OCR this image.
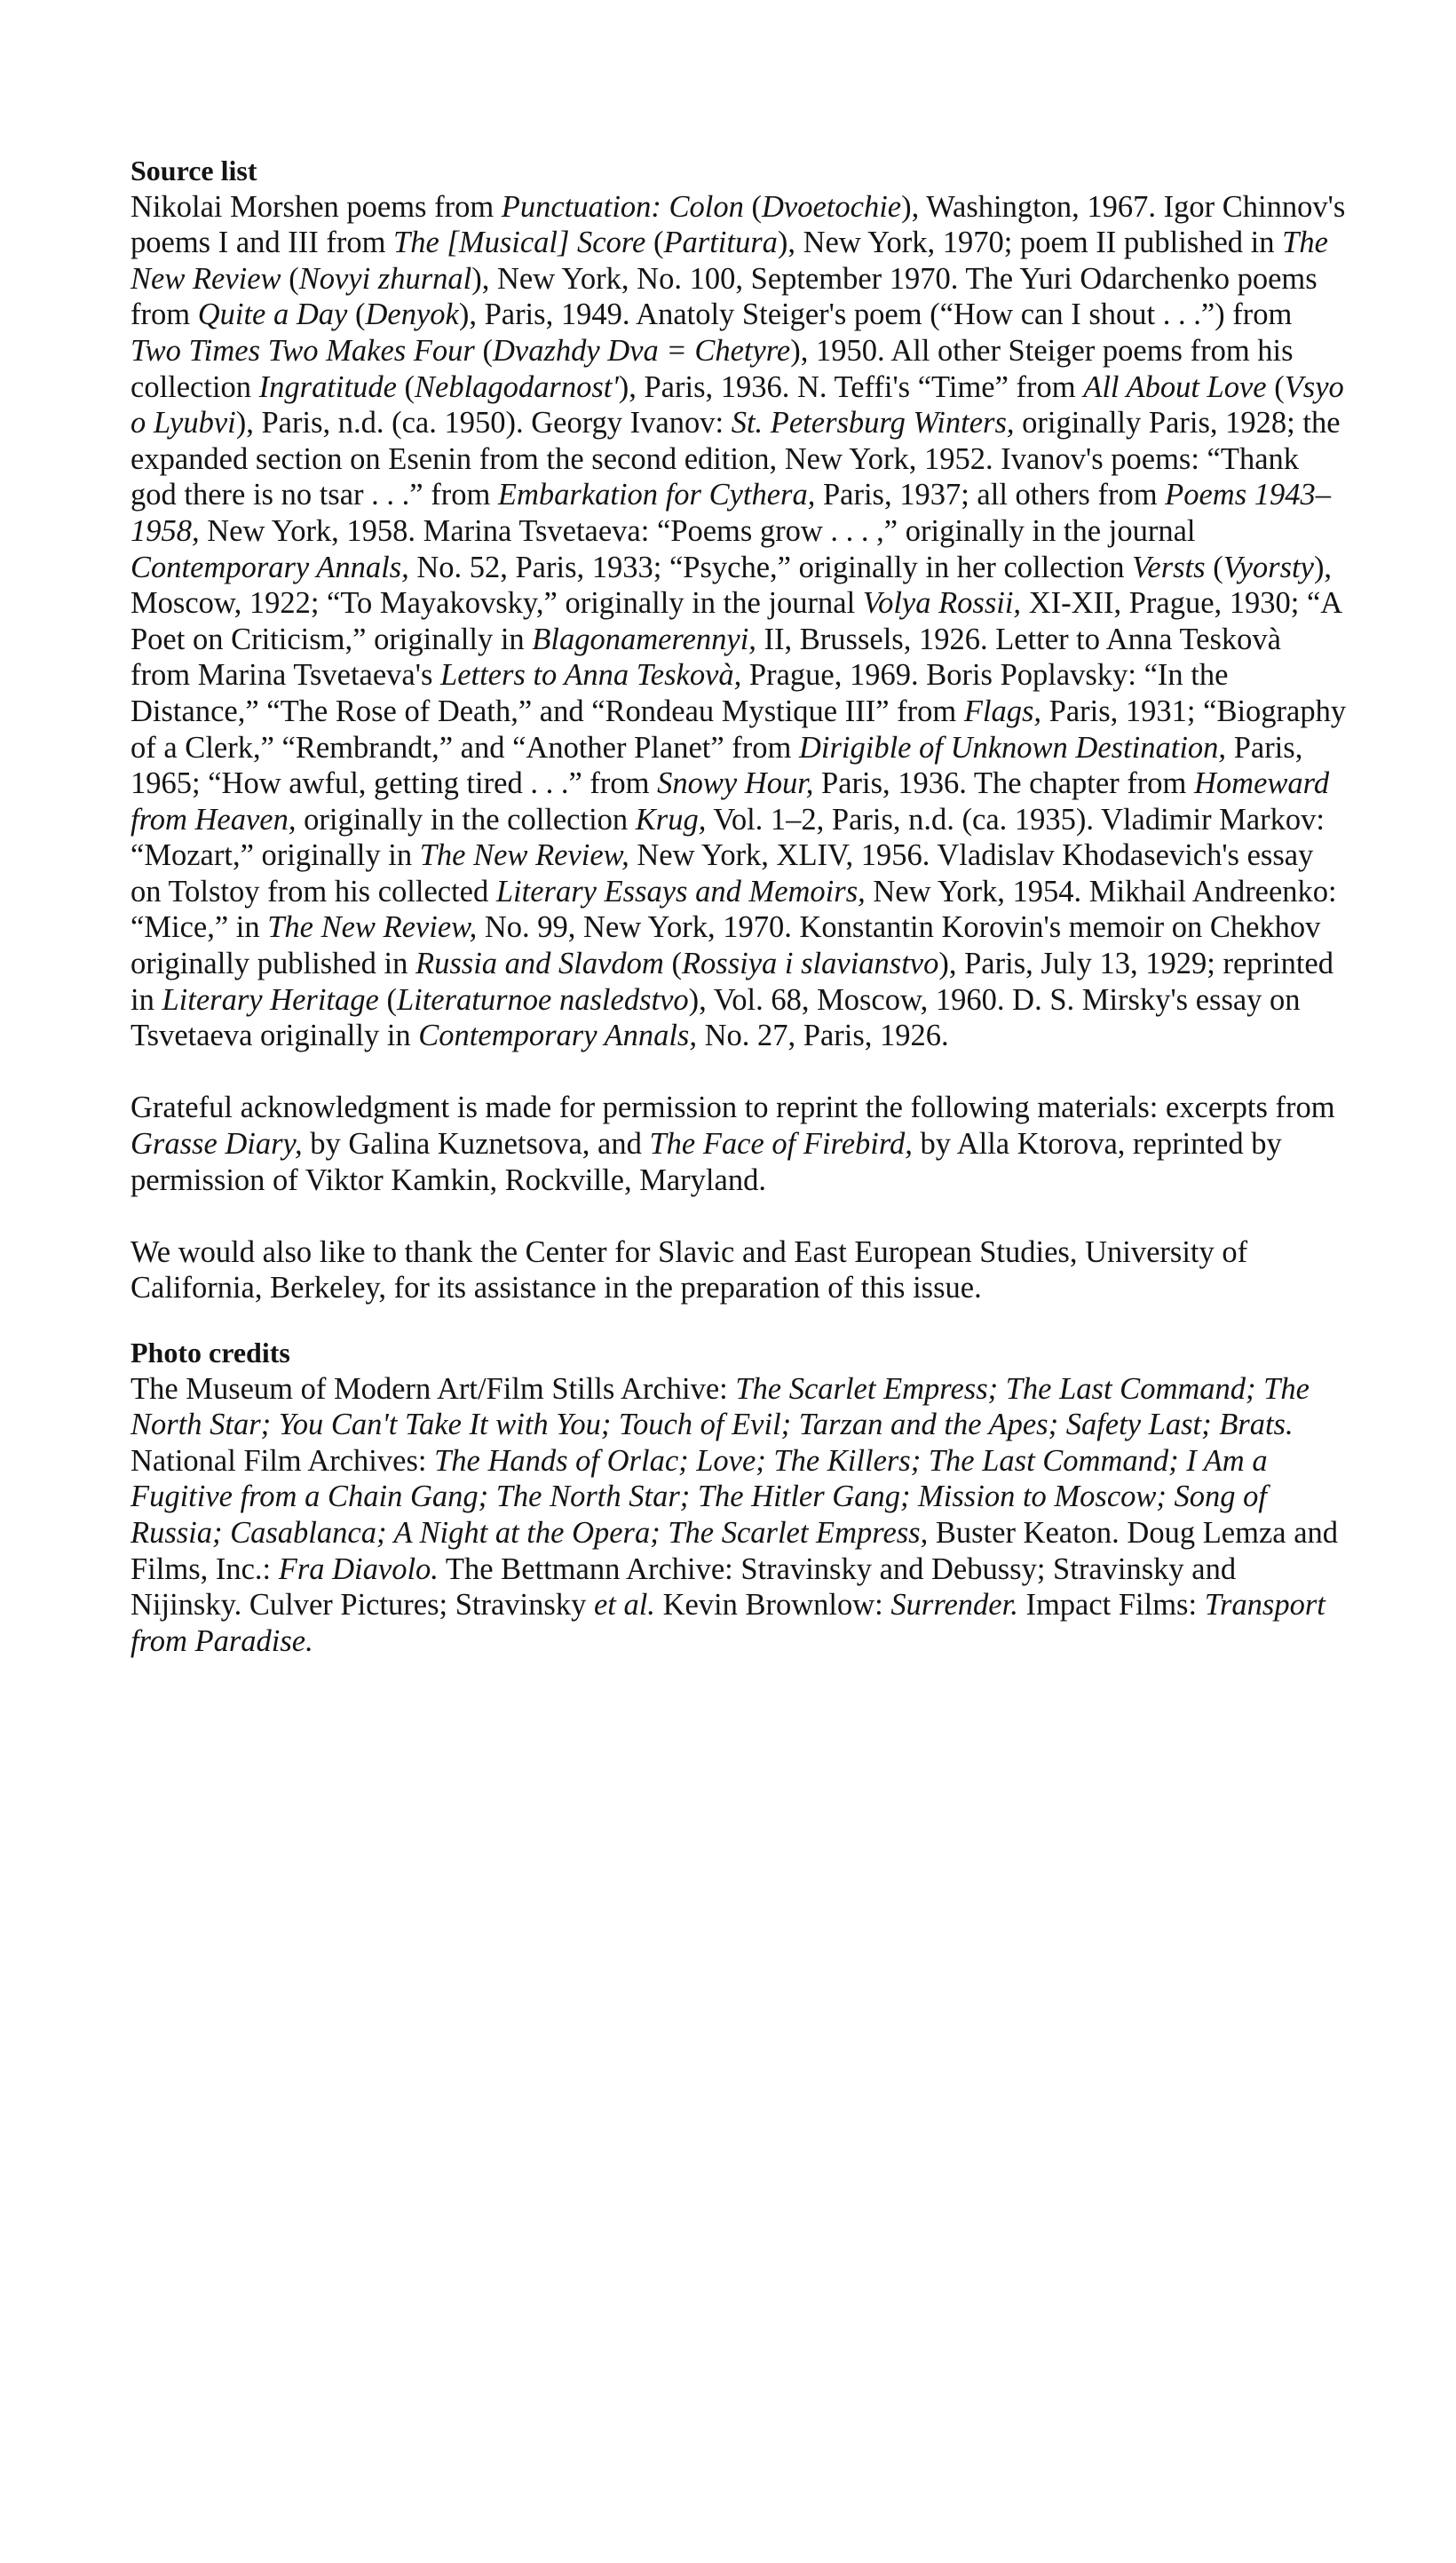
Source list

Nikolai Morshen poems from Punctuation: Colon (Dvoetochie), Washington, 1967. Igor Chinnov's poems I and III from The [Musical] Score (Partitura), New York, 1970; poem II published in The New Review (Novyi zhurnal), New York, No. 100, September 1970. The Yuri Odarchenko poems from Quite a Day (Denyok), Paris, 1949. Anatoly Steiger's poem (“How can I shout . . .”) from Two Times Two Makes Four (Dvazhdy Dva = Chetyre), 1950. All other Steiger poems from his collection Ingratitude (Neblagodarnost'), Paris, 1936. N. Teffi's “Time” from All About Love (Vsyo o Lyubvi), Paris, n.d. (ca. 1950). Georgy Ivanov: St. Petersburg Winters, originally Paris, 1928; the expanded section on Esenin from the second edition, New York, 1952. Ivanov's poems: “Thank god there is no tsar . . .” from Embarkation for Cythera, Paris, 1937; all others from Poems 1943–1958, New York, 1958. Marina Tsvetaeva: “Poems grow . . . ,” originally in the journal Contemporary Annals, No. 52, Paris, 1933; “Psyche,” originally in her collection Versts (Vyorsty), Moscow, 1922; “To Mayakovsky,” originally in the journal Volya Rossii, XI-XII, Prague, 1930; “A Poet on Criticism,” originally in Blagonamerennyi, II, Brussels, 1926. Letter to Anna Teskovà from Marina Tsvetaeva's Letters to Anna Teskovà, Prague, 1969. Boris Poplavsky: “In the Distance,” “The Rose of Death,” and “Rondeau Mystique III” from Flags, Paris, 1931; “Biography of a Clerk,” “Rembrandt,” and “Another Planet” from Dirigible of Unknown Destination, Paris, 1965; “How awful, getting tired . . .” from Snowy Hour, Paris, 1936. The chapter from Homeward from Heaven, originally in the collection Krug, Vol. 1–2, Paris, n.d. (ca. 1935). Vladimir Markov: “Mozart,” originally in The New Review, New York, XLIV, 1956. Vladislav Khodasevich's essay on Tolstoy from his collected Literary Essays and Memoirs, New York, 1954. Mikhail Andreenko: “Mice,” in The New Review, No. 99, New York, 1970. Konstantin Korovin's memoir on Chekhov originally published in Russia and Slavdom (Rossiya i slavianstvo), Paris, July 13, 1929; reprinted in Literary Heritage (Literaturnoe nasledstvo), Vol. 68, Moscow, 1960. D. S. Mirsky's essay on Tsvetaeva originally in Contemporary Annals, No. 27, Paris, 1926.

Grateful acknowledgment is made for permission to reprint the following materials: excerpts from Grasse Diary, by Galina Kuznetsova, and The Face of Firebird, by Alla Ktorova, reprinted by permission of Viktor Kamkin, Rockville, Maryland.

We would also like to thank the Center for Slavic and East European Studies, University of California, Berkeley, for its assistance in the preparation of this issue.

Photo credits

The Museum of Modern Art/Film Stills Archive: The Scarlet Empress; The Last Command; The North Star; You Can't Take It with You; Touch of Evil; Tarzan and the Apes; Safety Last; Brats. National Film Archives: The Hands of Orlac; Love; The Killers; The Last Command; I Am a Fugitive from a Chain Gang; The North Star; The Hitler Gang; Mission to Moscow; Song of Russia; Casablanca; A Night at the Opera; The Scarlet Empress, Buster Keaton. Doug Lemza and Films, Inc.: Fra Diavolo. The Bettmann Archive: Stravinsky and Debussy; Stravinsky and Nijinsky. Culver Pictures; Stravinsky et al. Kevin Brownlow: Surrender. Impact Films: Transport from Paradise.
